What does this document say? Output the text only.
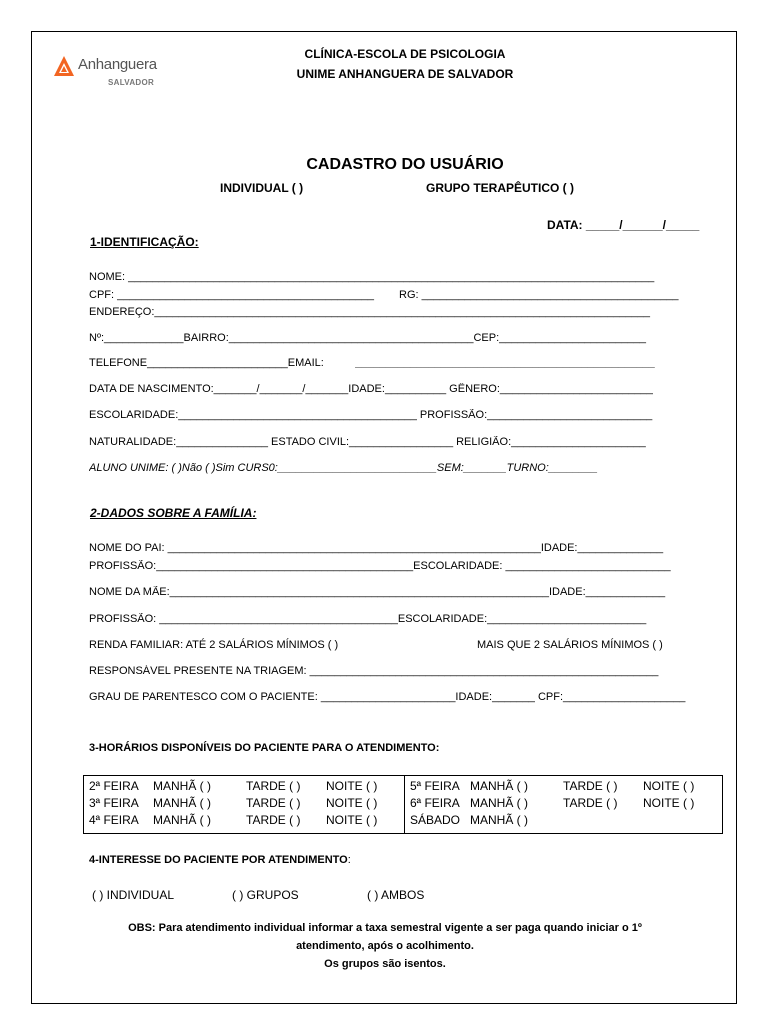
Anhanguera
SALVADOR
CLÍNICA-ESCOLA DE PSICOLOGIA
UNIME ANHANGUERA DE SALVADOR
CADASTRO DO USUÁRIO
INDIVIDUAL ( )	GRUPO TERAPÊUTICO ( )
DATA: _____/______/_____
1-IDENTIFICAÇÃO:
NOME: ______________________________________________________________________________________
CPF: __________________________________________	RG: __________________________________________
ENDEREÇO:_________________________________________________________________________________
Nº:_____________BAIRRO:________________________________________CEP:________________________
TELEFONE_______________________EMAIL:	_________________________________________________
DATA DE NASCIMENTO:_______/_______/_______IDADE:__________ GÊNERO:_________________________
ESCOLARIDADE:_______________________________________ PROFISSÃO:___________________________
NATURALIDADE:_______________ ESTADO CIVIL:_________________ RELIGIÃO:______________________
ALUNO UNIME: ( )Não ( )Sim CURS0:__________________________SEM:_______TURNO:________
2-DADOS SOBRE A FAMÍLIA:
NOME DO PAI: _____________________________________________________________IDADE:______________
PROFISSÃO:__________________________________________ESCOLARIDADE: ___________________________
NOME DA MÃE:______________________________________________________________IDADE:_____________
PROFISSÃO: _______________________________________ESCOLARIDADE:__________________________
RENDA FAMILIAR: ATÉ 2 SALÁRIOS MÍNIMOS ( )	MAIS QUE 2 SALÁRIOS MÍNIMOS ( )
RESPONSÁVEL PRESENTE NA TRIAGEM: _________________________________________________________
GRAU DE PARENTESCO COM O PACIENTE: ______________________IDADE:_______ CPF:____________________
3-HORÁRIOS DISPONÍVEIS DO PACIENTE PARA O ATENDIMENTO:
2ª FEIRA MANHÃ ( )	TARDE ( ) NOITE ( )
3ª FEIRA MANHÃ ( )	TARDE ( ) NOITE ( )
4ª FEIRA MANHÃ ( )	TARDE ( ) NOITE ( )
5ª FEIRA MANHÃ ( )	TARDE ( ) NOITE ( )
6ª FEIRA MANHÃ ( )	TARDE ( ) NOITE ( )
SÁBADO MANHÃ ( )
4-INTERESSE DO PACIENTE POR ATENDIMENTO:
( ) INDIVIDUAL	( ) GRUPOS	( ) AMBOS
OBS: Para atendimento individual informar a taxa semestral vigente a ser paga quando iniciar o 1º
atendimento, após o acolhimento.
Os grupos são isentos.
